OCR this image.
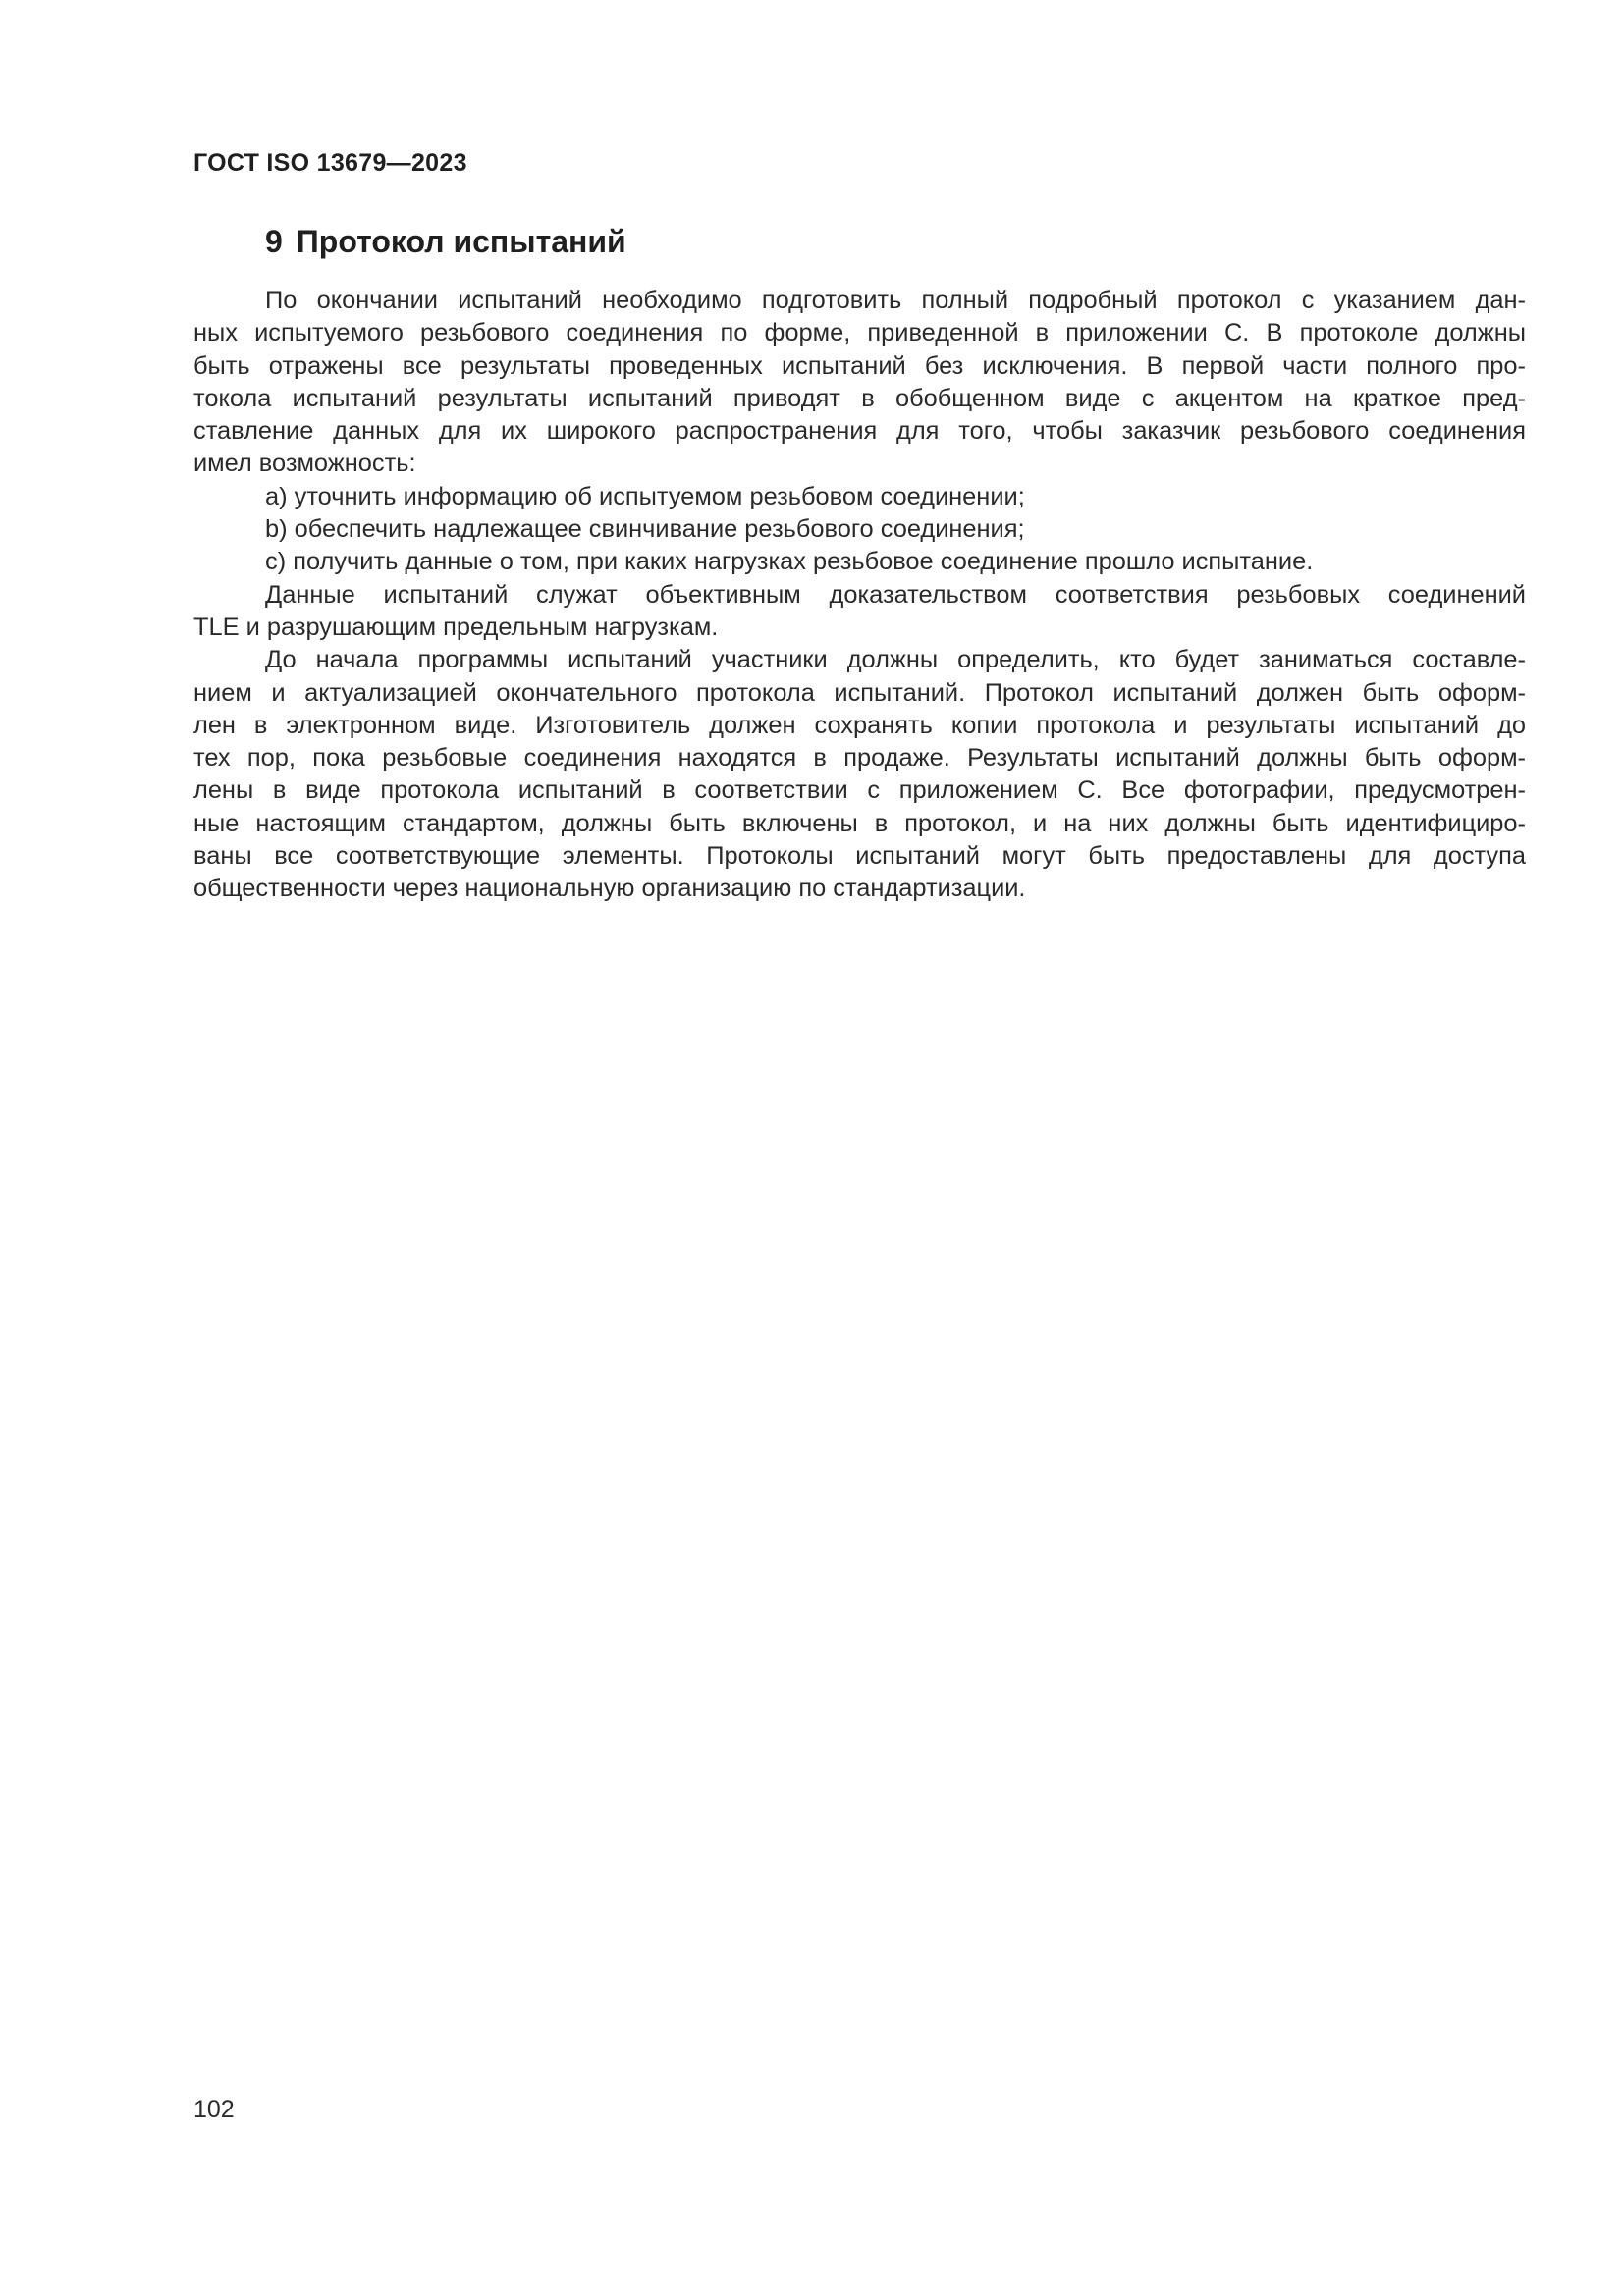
ГОСТ ISO 13679—2023
9 Протокол испытаний
По окончании испытаний необходимо подготовить полный подробный протокол с указанием дан-
ных испытуемого резьбового соединения по форме, приведенной в приложении С. В протоколе должны
быть отражены все результаты проведенных испытаний без исключения. В первой части полного про-
токола испытаний результаты испытаний приводят в обобщенном виде с акцентом на краткое пред-
ставление данных для их широкого распространения для того, чтобы заказчик резьбового соединения
имел возможность:
a) уточнить информацию об испытуемом резьбовом соединении;
b) обеспечить надлежащее свинчивание резьбового соединения;
c) получить данные о том, при каких нагрузках резьбовое соединение прошло испытание.
Данные испытаний служат объективным доказательством соответствия резьбовых соединений
TLE и разрушающим предельным нагрузкам.
До начала программы испытаний участники должны определить, кто будет заниматься составле-
нием и актуализацией окончательного протокола испытаний. Протокол испытаний должен быть оформ-
лен в электронном виде. Изготовитель должен сохранять копии протокола и результаты испытаний до
тех пор, пока резьбовые соединения находятся в продаже. Результаты испытаний должны быть оформ-
лены в виде протокола испытаний в соответствии с приложением С. Все фотографии, предусмотрен-
ные настоящим стандартом, должны быть включены в протокол, и на них должны быть идентифициро-
ваны все соответствующие элементы. Протоколы испытаний могут быть предоставлены для доступа
общественности через национальную организацию по стандартизации.
102
